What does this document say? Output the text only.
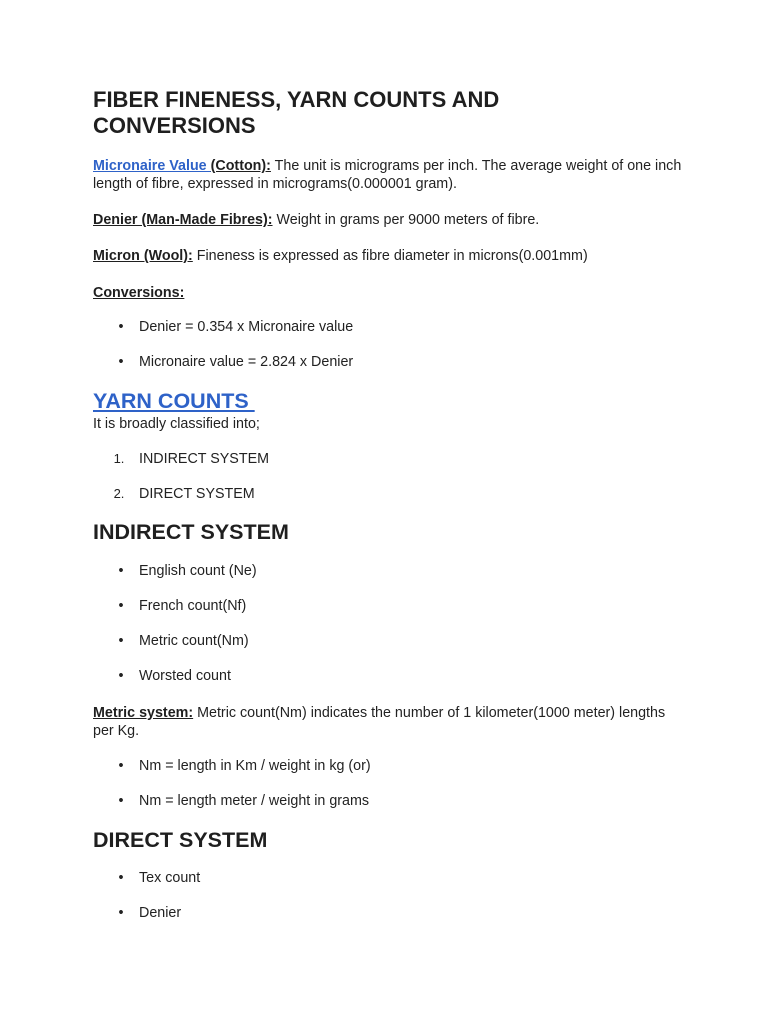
FIBER FINENESS, YARN COUNTS AND CONVERSIONS

Micronaire Value (Cotton): The unit is micrograms per inch. The average weight of one inch length of fibre, expressed in micrograms(0.000001 gram).

Denier (Man-Made Fibres): Weight in grams per 9000 meters of fibre.

Micron (Wool): Fineness is expressed as fibre diameter in microns(0.001mm)

Conversions:

•	Denier = 0.354 x Micronaire value
•	Micronaire value = 2.824 x Denier
YARN COUNTS

It is broadly classified into;

1. INDIRECT SYSTEM
2. DIRECT SYSTEM
INDIRECT SYSTEM
•	English count (Ne)
•	French count(Nf)
•	Metric count(Nm)
•	Worsted count

Metric system: Metric count(Nm) indicates the number of 1 kilometer(1000 meter) lengths per Kg.

•	Nm = length in Km / weight in kg (or)
•	Nm = length meter / weight in grams
DIRECT SYSTEM
•	Tex count
•	Denier
